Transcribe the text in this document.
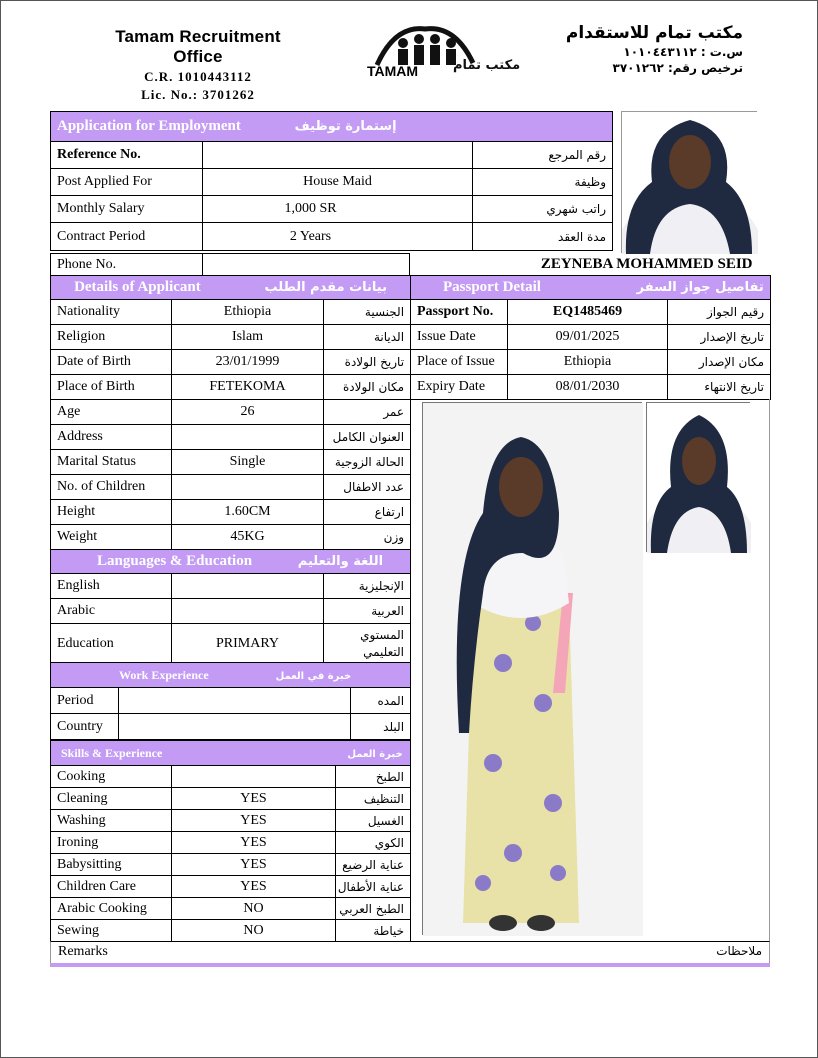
Tamam Recruitment Office
C.R. 1010443112
Lic. No.: 3701262
مكتب تمام
TAMAM
مكتب تمام للاستقدام
س.ت : ١٠١٠٤٤٣١١٢
ترخيص رقم: ٣٧٠١٢٦٢
Application for Employment إستمارة توظيف		
Reference No.		رقم المرجع
Post Applied For	House Maid	وظيفة
Monthly Salary	1,000 SR	راتب شهري
Contract Period	2 Years	مدة العقد
Phone No.		ZEYNEBA MOHAMMED SEID
Details of Applicant بيانات مقدم الطلب		
Nationality	Ethiopia	الجنسية
Religion	Islam	الديانة
Date of Birth	23/01/1999	تاريخ الولادة
Place of Birth	FETEKOMA	مكان الولادة
Age	26	عمر
Address		العنوان الكامل
Marital Status	Single	الحالة الزوجية
No. of Children		عدد الاطفال
Height	1.60CM	ارتفاع
Weight	45KG	وزن
Passport Detail تفاصيل جواز السفر		
Passport No.	EQ1485469	رقيم الجواز
Issue Date	09/01/2025	تاريخ الإصدار
Place of Issue	Ethiopia	مكان الإصدار
Expiry Date	08/01/2030	تاريخ الانتهاء
Languages & Education اللغة والتعليم		
English		الإنجليزية
Arabic		العربية
Education	PRIMARY	المستوي
التعليمي
Work Experience خبرة في العمل		
Period		المده
Country		البلد
Skills & Experience خبرة العمل		
Cooking		الطبخ
Cleaning	YES	التنظيف
Washing	YES	الغسيل
Ironing	YES	الكوي
Babysitting	YES	عناية الرضيع
Children Care	YES	عناية الأطفال
Arabic Cooking	NO	الطبخ العربي
Sewing	NO	خياطة
Remarks	ملاحظات
